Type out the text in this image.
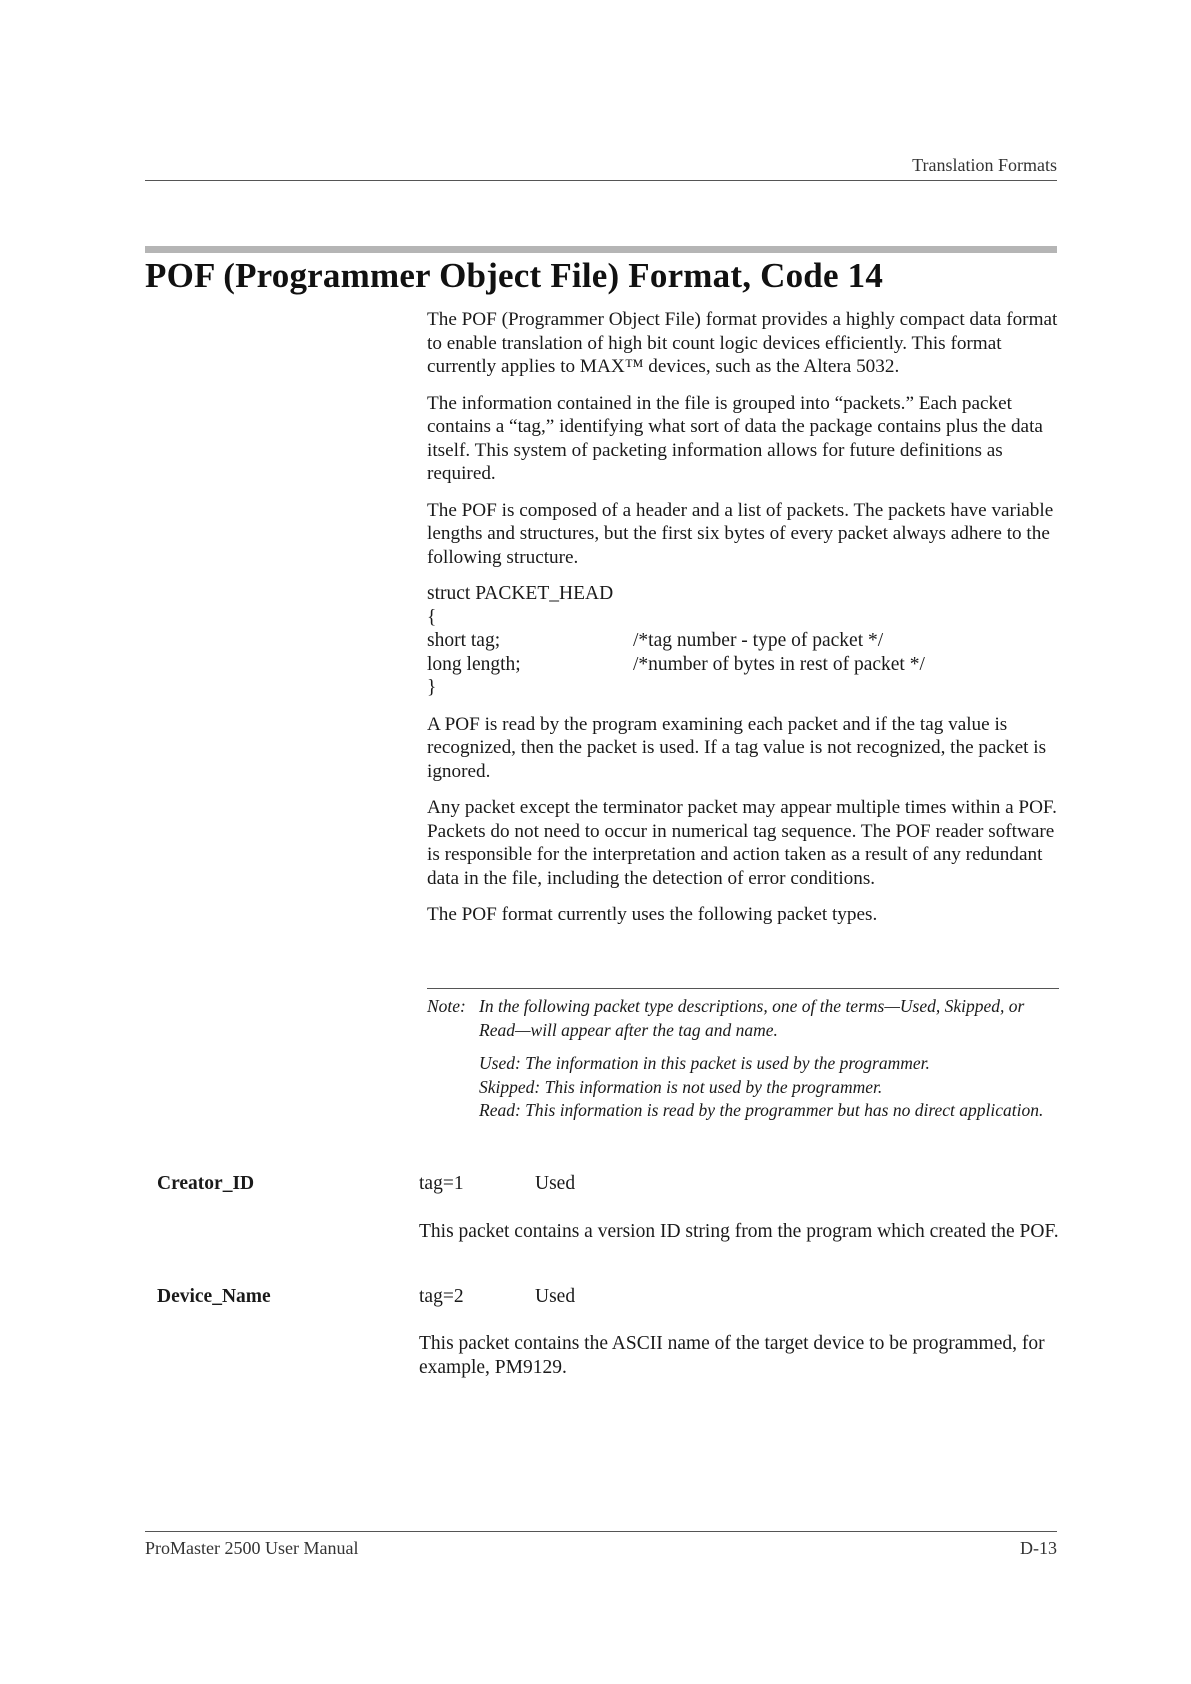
Translation Formats
POF (Programmer Object File) Format, Code 14

The POF (Programmer Object File) format provides a highly compact data format to enable translation of high bit count logic devices efficiently. This format currently applies to MAX™ devices, such as the Altera 5032.

The information contained in the file is grouped into “packets.” Each packet contains a “tag,” identifying what sort of data the package contains plus the data itself. This system of packeting information allows for future definitions as required.

The POF is composed of a header and a list of packets. The packets have variable lengths and structures, but the first six bytes of every packet always adhere to the following structure.

struct PACKET_HEAD
{
short tag;	/*tag number - type of packet */
long length;	/*number of bytes in rest of packet */
}

A POF is read by the program examining each packet and if the tag value is recognized, then the packet is used. If a tag value is not recognized, the packet is ignored.

Any packet except the terminator packet may appear multiple times within a POF. Packets do not need to occur in numerical tag sequence. The POF reader software is responsible for the interpretation and action taken as a result of any redundant data in the file, including the detection of error conditions.

The POF format currently uses the following packet types.

Note: In the following packet type descriptions, one of the terms—Used, Skipped, or Read—will appear after the tag and name.
Used: The information in this packet is used by the programmer.
Skipped: This information is not used by the programmer.
Read: This information is read by the programmer but has no direct application.
Creator_ID	tag=1	Used
This packet contains a version ID string from the program which created the POF.
Device_Name	tag=2	Used
This packet contains the ASCII name of the target device to be programmed, for example, PM9129.
ProMaster 2500 User Manual	D-13
